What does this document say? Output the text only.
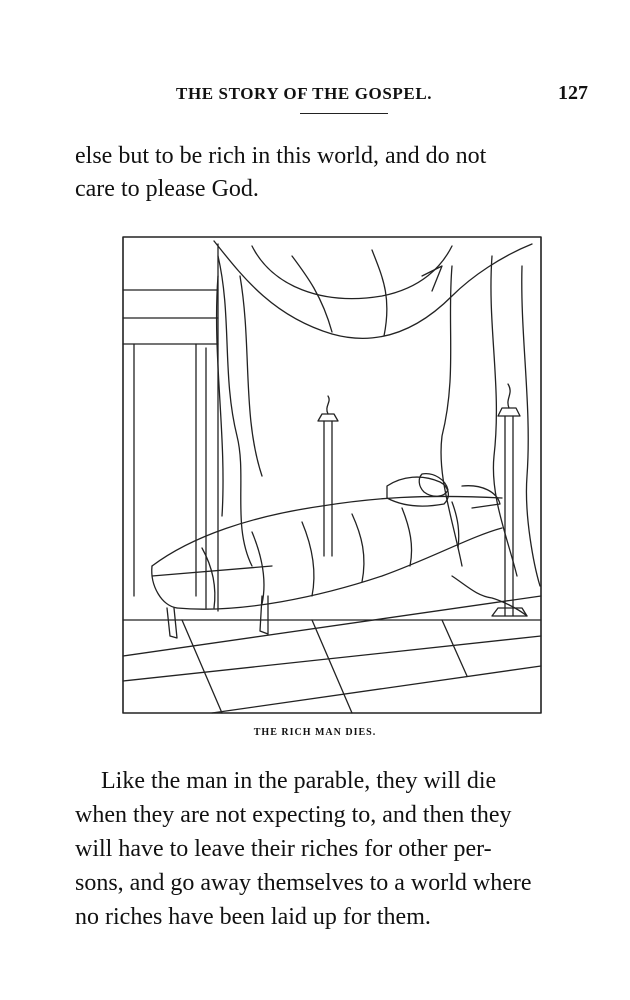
THE STORY OF THE GOSPEL.	127
else but to be rich in this world, and do not
care to please God.
THE RICH MAN DIES.
Like the man in the parable, they will die
when they are not expecting to, and then they
will have to leave their riches for other per-
sons, and go away themselves to a world where
no riches have been laid up for them.
